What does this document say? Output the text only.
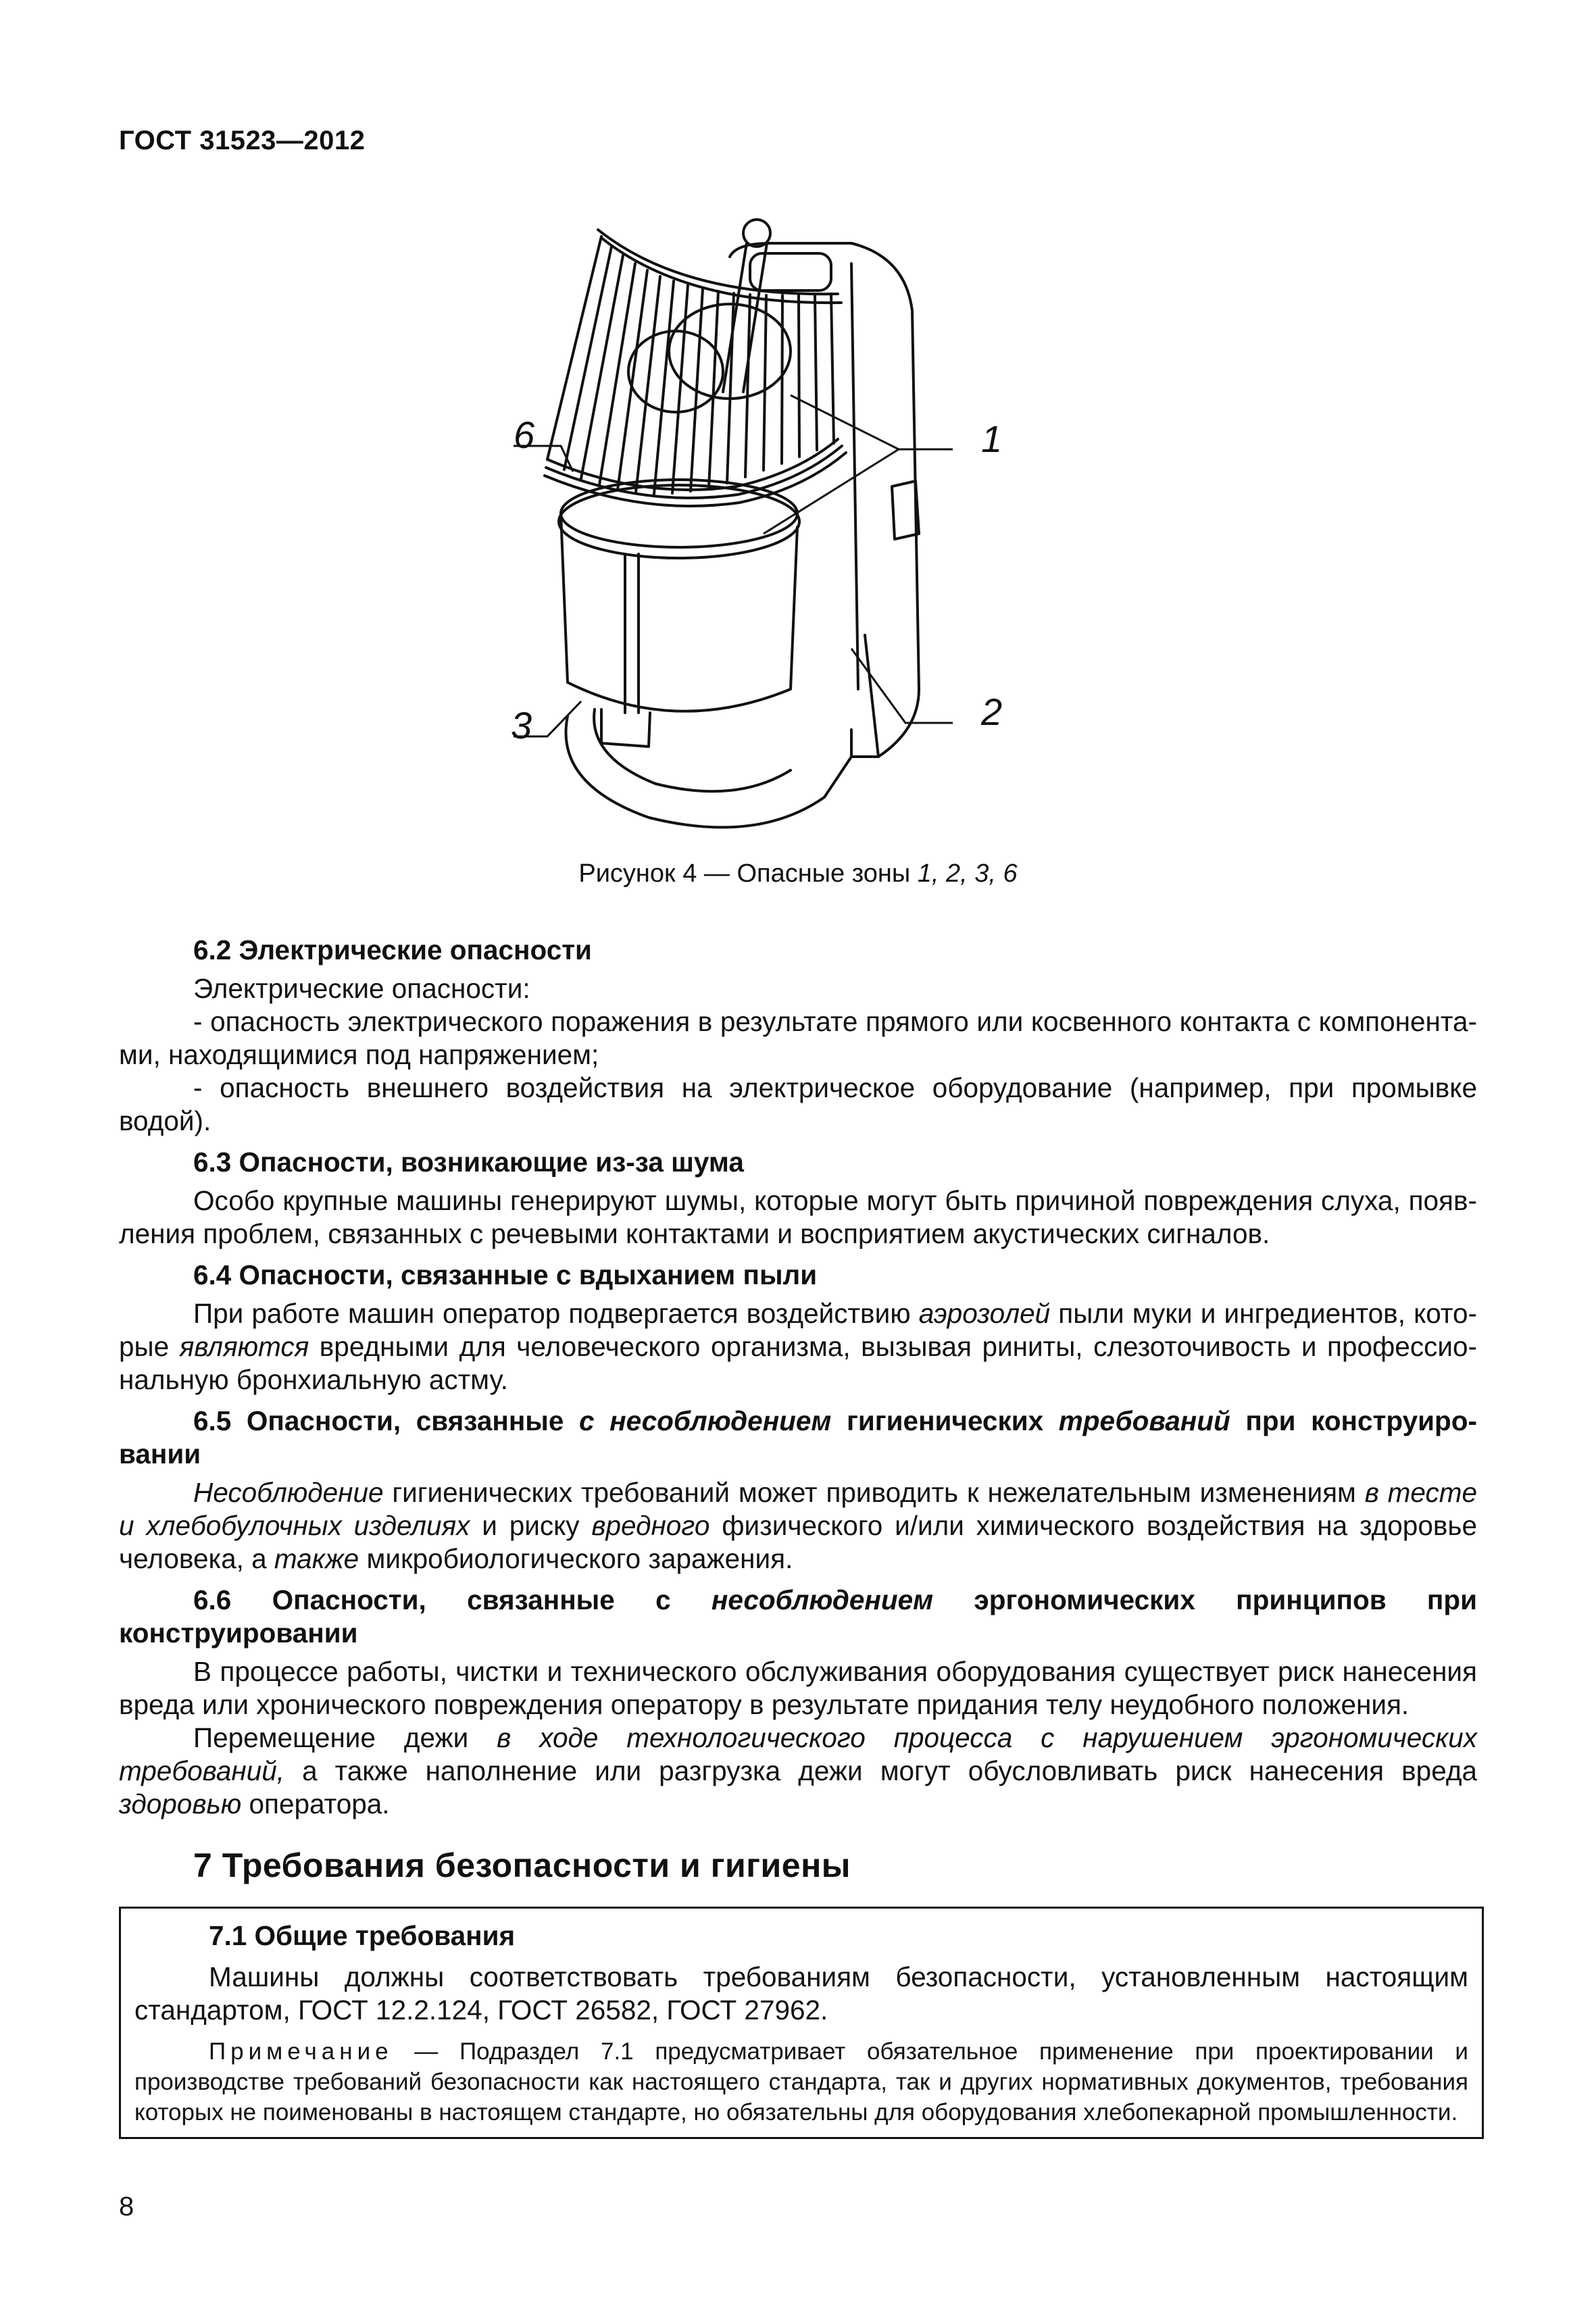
ГОСТ 31523—2012
6	1
3	2
Рисунок 4 — Опасные зоны 1, 2, 3, 6

6.2 Электрические опасности

Электрические опасности:

- опасность электрического поражения в результате прямого или косвенного контакта с компонентами, находящимися под напряжением;

- опасность внешнего воздействия на электрическое оборудование (например, при промывке водой).

6.3 Опасности, возникающие из-за шума

Особо крупные машины генерируют шумы, которые могут быть причиной повреждения слуха, появления проблем, связанных с речевыми контактами и восприятием акустических сигналов.

6.4 Опасности, связанные с вдыханием пыли

При работе машин оператор подвергается воздействию аэрозолей пыли муки и ингредиентов, которые являются вредными для человеческого организма, вызывая риниты, слезоточивость и профессиональную бронхиальную астму.

6.5 Опасности, связанные с несоблюдением гигиенических требований при конструировании

Несоблюдение гигиенических требований может приводить к нежелательным изменениям в тесте и хлебобулочных изделиях и риску вредного физического и/или химического воздействия на здоровье человека, а также микробиологического заражения.

6.6 Опасности, связанные с несоблюдением эргономических принципов при конструировании

В процессе работы, чистки и технического обслуживания оборудования существует риск нанесения вреда или хронического повреждения оператору в результате придания телу неудобного положения.

Перемещение дежи в ходе технологического процесса с нарушением эргономических требований, а также наполнение или разгрузка дежи могут обусловливать риск нанесения вреда здоровью оператора.

7 Требования безопасности и гигиены

7.1 Общие требования

Машины должны соответствовать требованиям безопасности, установленным настоящим стандартом, ГОСТ 12.2.124, ГОСТ 26582, ГОСТ 27962.

Примечание — Подраздел 7.1 предусматривает обязательное применение при проектировании и производстве требований безопасности как настоящего стандарта, так и других нормативных документов, требования которых не поименованы в настоящем стандарте, но обязательны для оборудования хлебопекарной промышленности.

8
